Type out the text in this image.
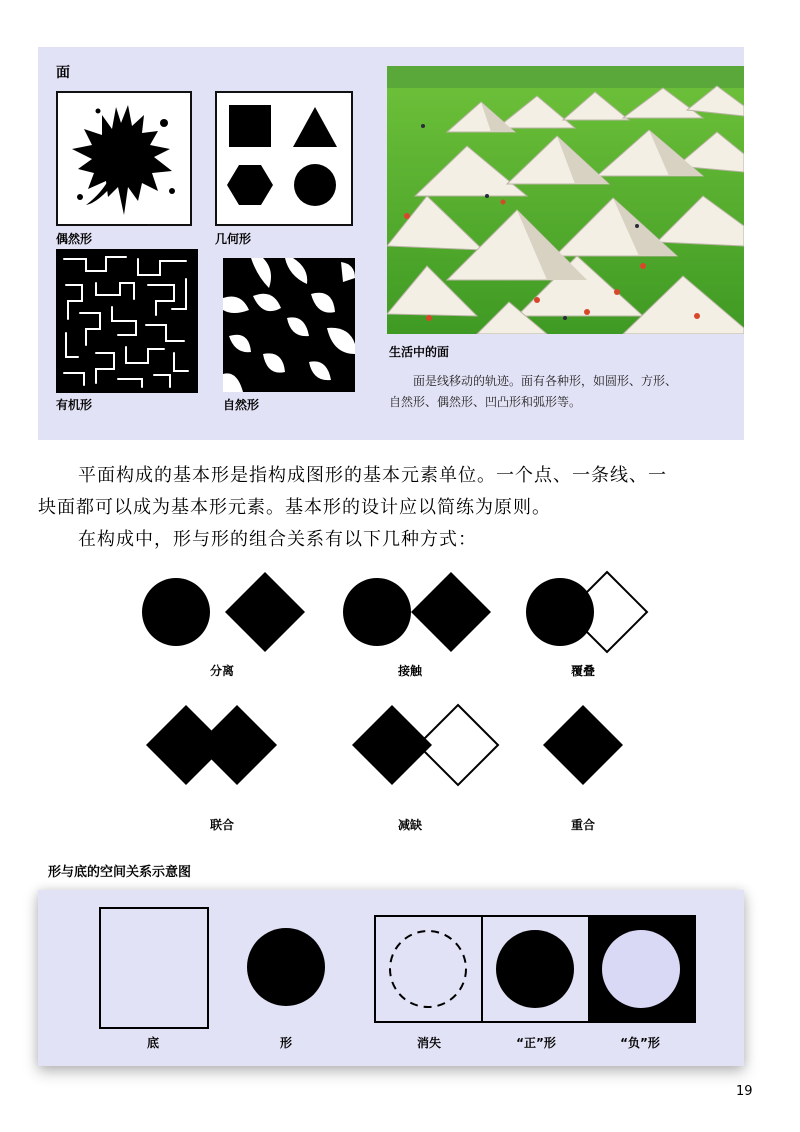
面
偶然形	几何形
有机形	自然形
生活中的面
面是线移动的轨迹。面有各种形，如圆形、方形、
自然形、偶然形、凹凸形和弧形等。
平面构成的基本形是指构成图形的基本元素单位。一个点、一条线、一
块面都可以成为基本形元素。基本形的设计应以简练为原则。
在构成中，形与形的组合关系有以下几种方式：
分离	接触	覆叠
联合	减缺	重合
形与底的空间关系示意图
底	形	消失	“正”形	“负”形
19
